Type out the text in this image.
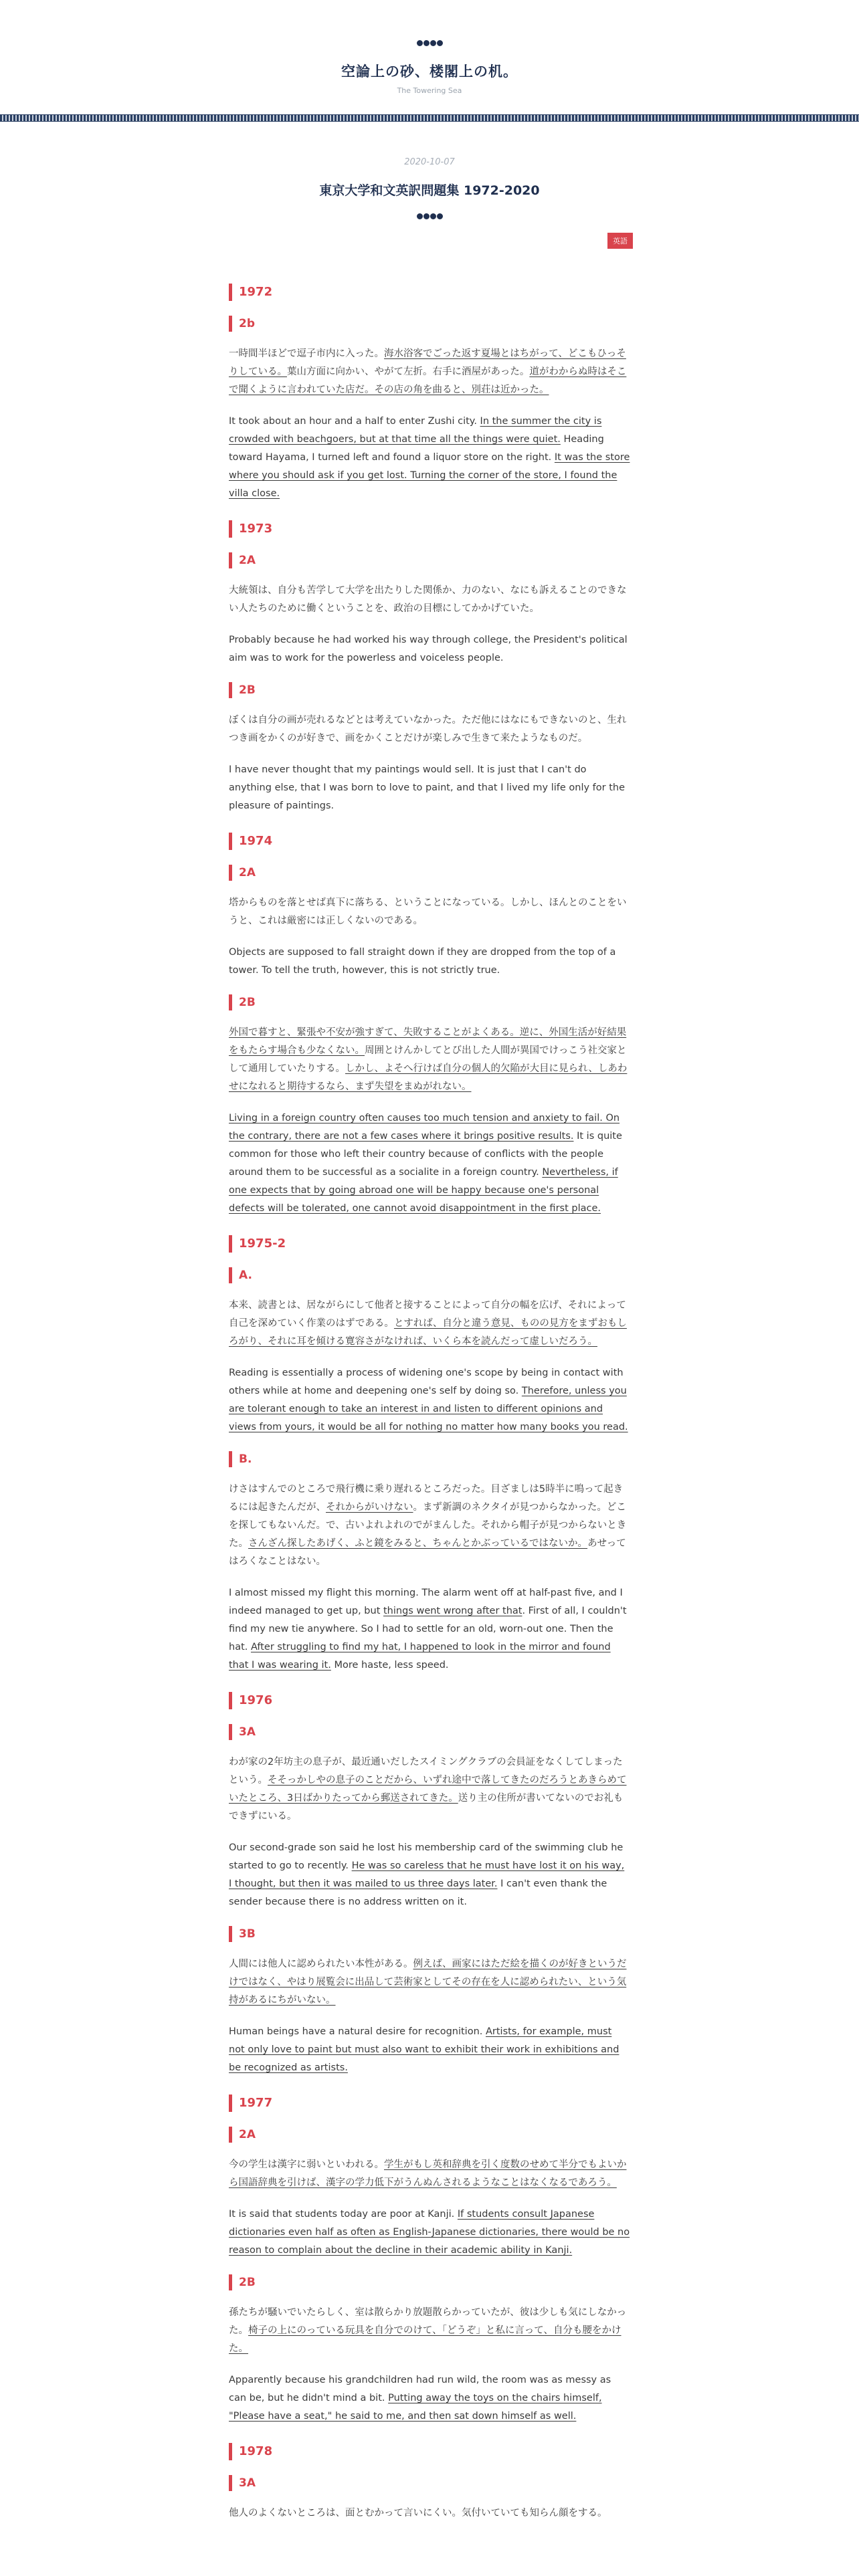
空論上の砂、楼閣上の机。
The Towering Sea
2020-10-07
東京大学和文英訳問題集 1972-2020
英語
1972
2b

一時間半ほどで逗子市内に入った。海水浴客でごった返す夏場とはちがって、どこもひっそりしている。葉山方面に向かい、やがて左折。右手に酒屋があった。道がわからぬ時はそこで聞くように言われていた店だ。その店の角を曲ると、別荘は近かった。

It took about an hour and a half to enter Zushi city. In the summer the city is crowded with beachgoers, but at that time all the things were quiet. Heading toward Hayama, I turned left and found a liquor store on the right. It was the store where you should ask if you get lost. Turning the corner of the store, I found the villa close.

1973
2A

大統領は、自分も苦学して大学を出たりした関係か、力のない、なにも訴えることのできない人たちのために働くということを、政治の目標にしてかかげていた。

Probably because he had worked his way through college, the President's political aim was to work for the powerless and voiceless people.

2B

ぼくは自分の画が売れるなどとは考えていなかった。ただ他にはなにもできないのと、生れつき画をかくのが好きで、画をかくことだけが楽しみで生きて来たようなものだ。

I have never thought that my paintings would sell. It is just that I can't do anything else, that I was born to love to paint, and that I lived my life only for the pleasure of paintings.

1974
2A

塔からものを落とせば真下に落ちる、ということになっている。しかし、ほんとのことをいうと、これは厳密には正しくないのである。

Objects are supposed to fall straight down if they are dropped from the top of a tower. To tell the truth, however, this is not strictly true.

2B

外国で暮すと、緊張や不安が強すぎて、失敗することがよくある。逆に、外国生活が好結果をもたらす場合も少なくない。周囲とけんかしてとび出した人間が異国でけっこう社交家として通用していたりする。しかし、よそへ行けば自分の個人的欠陥が大目に見られ、しあわせになれると期待するなら、まず失望をまぬがれない。

Living in a foreign country often causes too much tension and anxiety to fail. On the contrary, there are not a few cases where it brings positive results. It is quite common for those who left their country because of conflicts with the people around them to be successful as a socialite in a foreign country. Nevertheless, if one expects that by going abroad one will be happy because one's personal defects will be tolerated, one cannot avoid disappointment in the first place.

1975-2
A.

本来、読書とは、居ながらにして他者と接することによって自分の幅を広げ、それによって自己を深めていく作業のはずである。とすれば、自分と違う意見、ものの見方をまずおもしろがり、それに耳を傾ける寛容さがなければ、いくら本を読んだって虚しいだろう。

Reading is essentially a process of widening one's scope by being in contact with others while at home and deepening one's self by doing so. Therefore, unless you are tolerant enough to take an interest in and listen to different opinions and views from yours, it would be all for nothing no matter how many books you read.

B.

けさはすんでのところで飛行機に乗り遅れるところだった。目ざましは5時半に鳴って起きるには起きたんだが、それからがいけない。まず新調のネクタイが見つからなかった。どこを探してもないんだ。で、古いよれよれのでがまんした。それから帽子が見つからないときた。さんざん探したあげく、ふと鏡をみると、ちゃんとかぶっているではないか。あせってはろくなことはない。

I almost missed my flight this morning. The alarm went off at half-past five, and I indeed managed to get up, but things went wrong after that. First of all, I couldn't find my new tie anywhere. So I had to settle for an old, worn-out one. Then the hat. After struggling to find my hat, I happened to look in the mirror and found that I was wearing it. More haste, less speed.

1976
3A

わが家の2年坊主の息子が、最近通いだしたスイミングクラブの会員証をなくしてしまったという。そそっかしやの息子のことだから、いずれ途中で落してきたのだろうとあきらめていたところ、3日ばかりたってから郵送されてきた。送り主の住所が書いてないのでお礼もできずにいる。

Our second-grade son said he lost his membership card of the swimming club he started to go to recently. He was so careless that he must have lost it on his way, I thought, but then it was mailed to us three days later. I can't even thank the sender because there is no address written on it.

3B

人間には他人に認められたい本性がある。例えば、画家にはただ絵を描くのが好きというだけではなく、やはり展覧会に出品して芸術家としてその存在を人に認められたい、という気持があるにちがいない。

Human beings have a natural desire for recognition. Artists, for example, must not only love to paint but must also want to exhibit their work in exhibitions and be recognized as artists.

1977
2A

今の学生は漢字に弱いといわれる。学生がもし英和辞典を引く度数のせめて半分でもよいから国語辞典を引けば、漢字の学力低下がうんぬんされるようなことはなくなるであろう。

It is said that students today are poor at Kanji. If students consult Japanese dictionaries even half as often as English-Japanese dictionaries, there would be no reason to complain about the decline in their academic ability in Kanji.

2B

孫たちが騒いでいたらしく、室は散らかり放題散らかっていたが、彼は少しも気にしなかった。椅子の上にのっている玩具を自分でのけて、「どうぞ」と私に言って、自分も腰をかけた。

Apparently because his grandchildren had run wild, the room was as messy as can be, but he didn't mind a bit. Putting away the toys on the chairs himself, "Please have a seat," he said to me, and then sat down himself as well.

1978
3A

他人のよくないところは、面とむかって言いにくい。気付いていても知らん顔をする。
